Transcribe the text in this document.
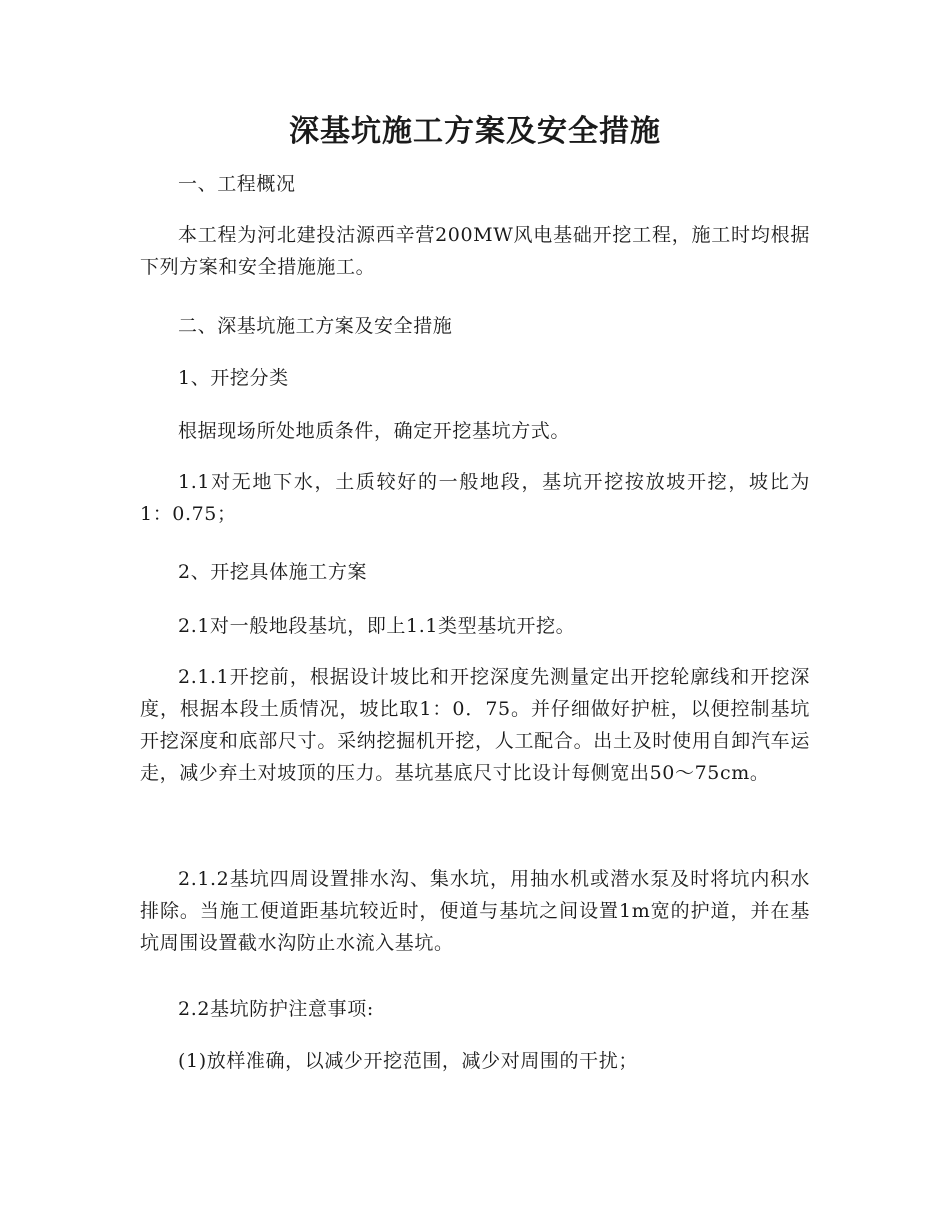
深基坑施工方案及安全措施

一、工程概况

本工程为河北建投沽源西辛营200MW风电基础开挖工程，施工时均根据下列方案和安全措施施工。

二、深基坑施工方案及安全措施

1、开挖分类

根据现场所处地质条件，确定开挖基坑方式。

1.1对无地下水，土质较好的一般地段，基坑开挖按放坡开挖，坡比为1：0.75；

2、开挖具体施工方案

2.1对一般地段基坑，即上1.1类型基坑开挖。

2.1.1开挖前，根据设计坡比和开挖深度先测量定出开挖轮廓线和开挖深度，根据本段土质情况，坡比取1：0．75。并仔细做好护桩，以便控制基坑开挖深度和底部尺寸。采纳挖掘机开挖，人工配合。出土及时使用自卸汽车运走，减少弃土对坡顶的压力。基坑基底尺寸比设计每侧宽出50～75cm。

2.1.2基坑四周设置排水沟、集水坑，用抽水机或潜水泵及时将坑内积水排除。当施工便道距基坑较近时，便道与基坑之间设置1m宽的护道，并在基坑周围设置截水沟防止水流入基坑。

2.2基坑防护注意事项:

(1)放样准确，以减少开挖范围，减少对周围的干扰；
